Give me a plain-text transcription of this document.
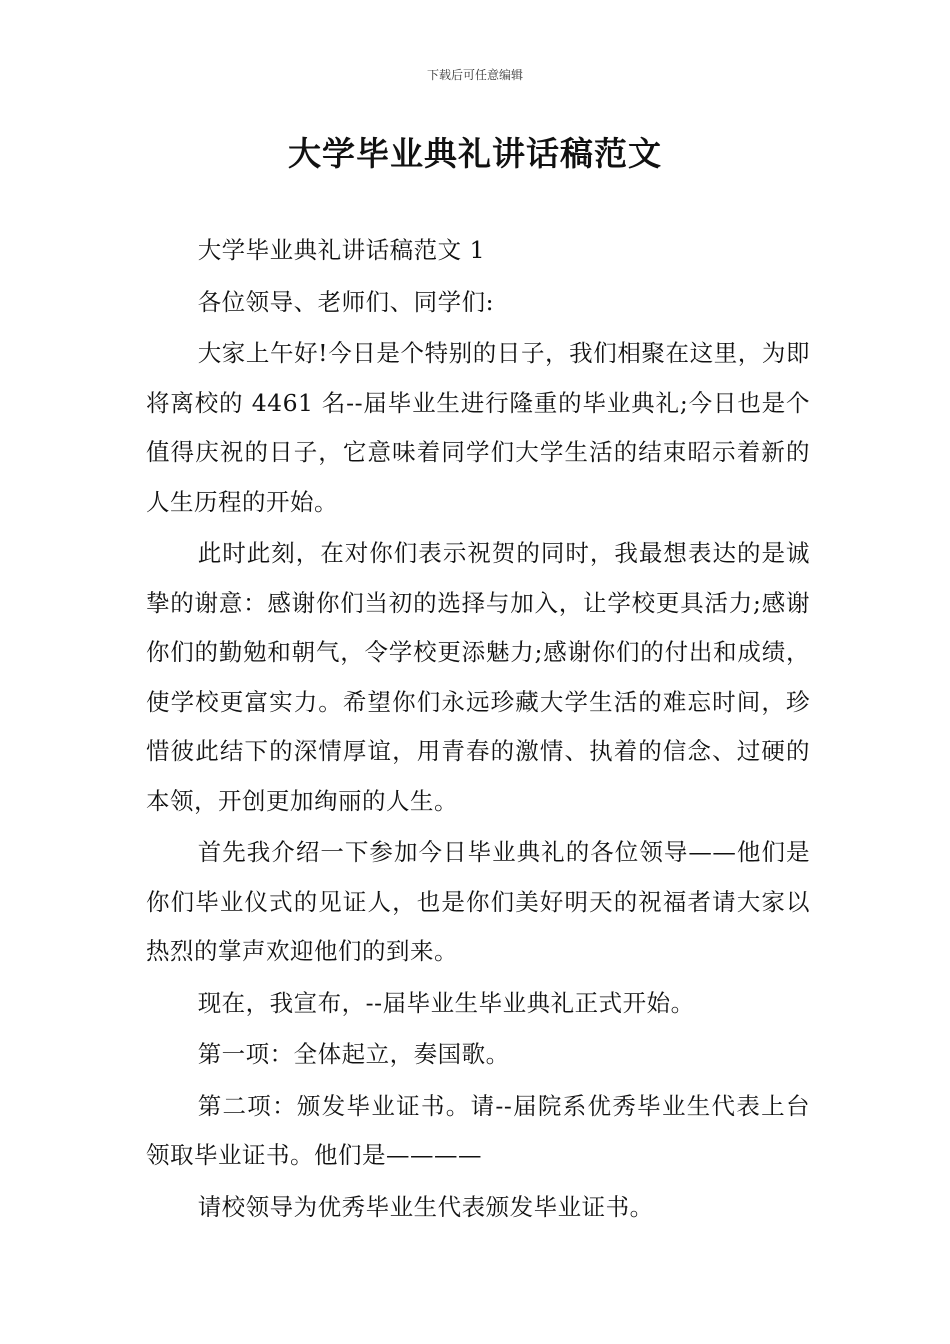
下载后可任意编辑
大学毕业典礼讲话稿范文

大学毕业典礼讲话稿范文 1

各位领导、老师们、同学们:

大家上午好!今日是个特别的日子，我们相聚在这里，为即将离校的 4461 名--届毕业生进行隆重的毕业典礼;今日也是个值得庆祝的日子，它意味着同学们大学生活的结束昭示着新的人生历程的开始。

此时此刻，在对你们表示祝贺的同时，我最想表达的是诚挚的谢意：感谢你们当初的选择与加入，让学校更具活力;感谢你们的勤勉和朝气，令学校更添魅力;感谢你们的付出和成绩，使学校更富实力。希望你们永远珍藏大学生活的难忘时间，珍惜彼此结下的深情厚谊，用青春的激情、执着的信念、过硬的本领，开创更加绚丽的人生。

首先我介绍一下参加今日毕业典礼的各位领导——他们是你们毕业仪式的见证人，也是你们美好明天的祝福者请大家以热烈的掌声欢迎他们的到来。

现在，我宣布，--届毕业生毕业典礼正式开始。

第一项：全体起立，奏国歌。

第二项：颁发毕业证书。请--届院系优秀毕业生代表上台领取毕业证书。他们是————

请校领导为优秀毕业生代表颁发毕业证书。
